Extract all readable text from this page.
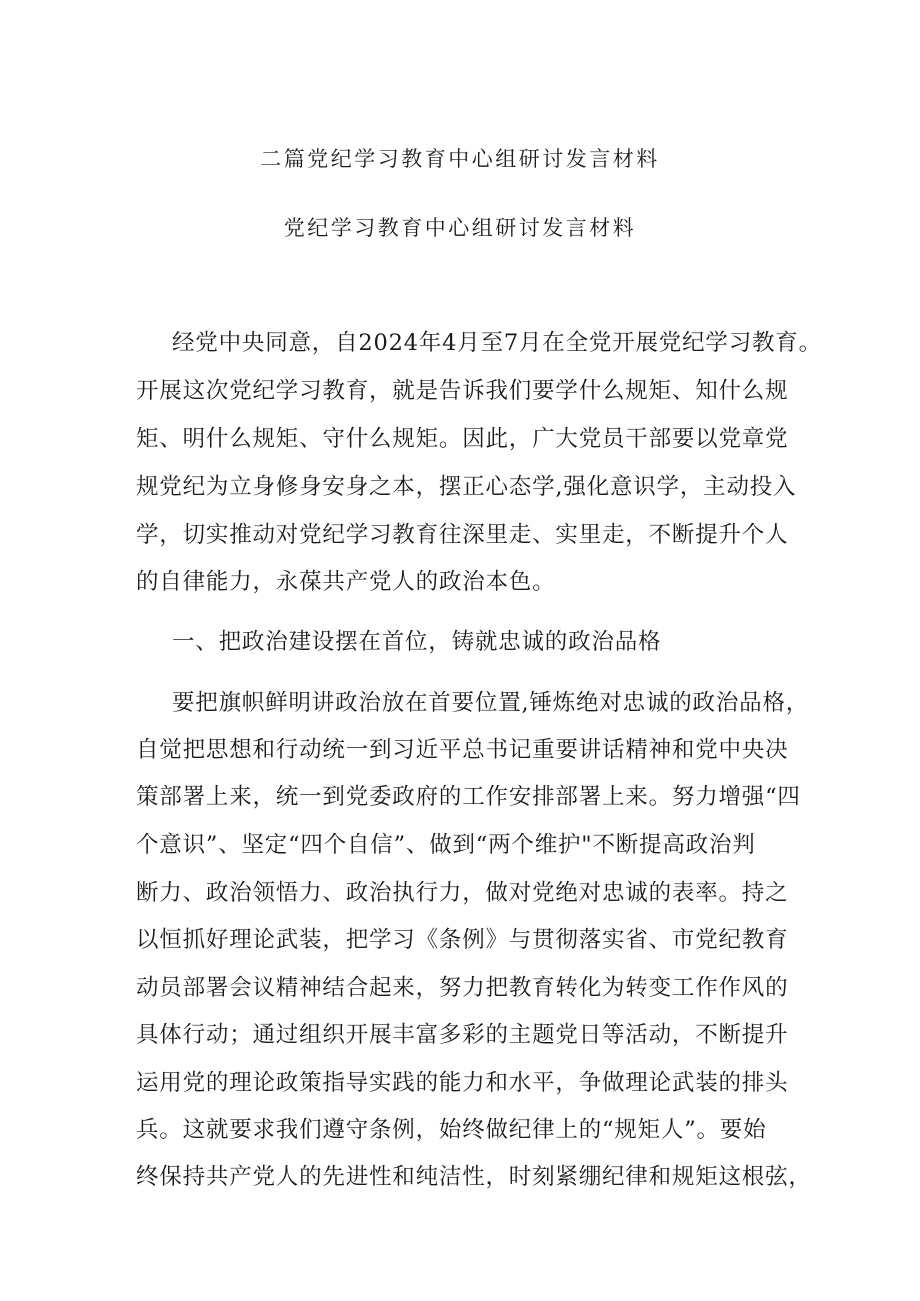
二篇党纪学习教育中心组研讨发言材料
党纪学习教育中心组研讨发言材料
经党中央同意，自2024年4月至7月在全党开展党纪学习教育。
开展这次党纪学习教育，就是告诉我们要学什么规矩、知什么规
矩、明什么规矩、守什么规矩。因此，广大党员干部要以党章党
规党纪为立身修身安身之本，摆正心态学,强化意识学，主动投入
学，切实推动对党纪学习教育往深里走、实里走，不断提升个人
的自律能力，永葆共产党人的政治本色。
一、把政治建设摆在首位，铸就忠诚的政治品格
要把旗帜鲜明讲政治放在首要位置,锤炼绝对忠诚的政治品格，
自觉把思想和行动统一到习近平总书记重要讲话精神和党中央决
策部署上来，统一到党委政府的工作安排部署上来。努力增强“四
个意识”、坚定“四个自信”、做到“两个维护"不断提高政治判
断力、政治领悟力、政治执行力，做对党绝对忠诚的表率。持之
以恒抓好理论武装，把学习《条例》与贯彻落实省、市党纪教育
动员部署会议精神结合起来，努力把教育转化为转变工作作风的
具体行动；通过组织开展丰富多彩的主题党日等活动，不断提升
运用党的理论政策指导实践的能力和水平，争做理论武装的排头
兵。这就要求我们遵守条例，始终做纪律上的“规矩人”。要始
终保持共产党人的先进性和纯洁性，时刻紧绷纪律和规矩这根弦，
